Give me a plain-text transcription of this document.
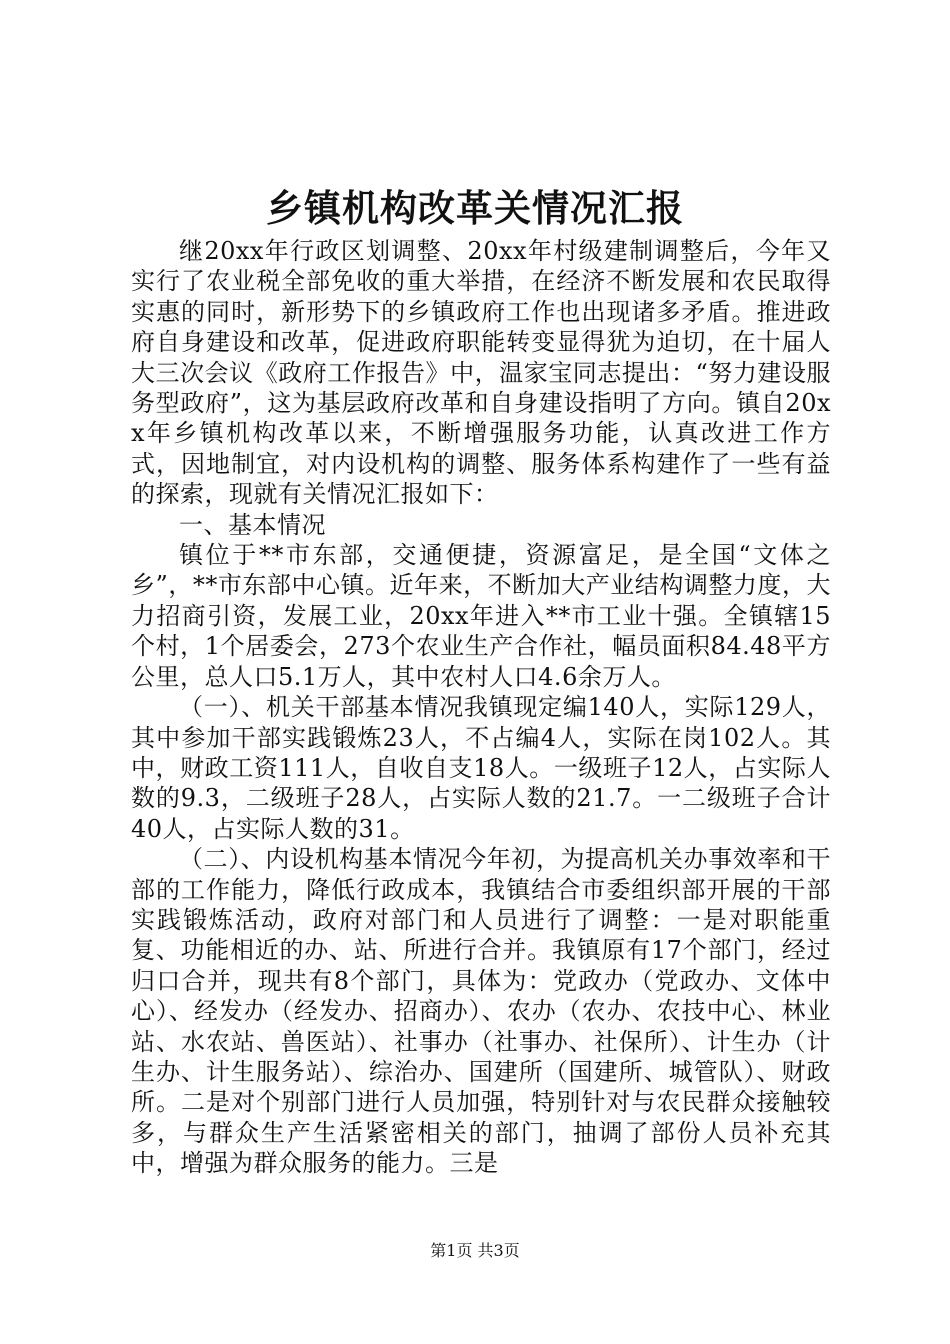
乡镇机构改革关情况汇报

继20xx年行政区划调整、20xx年村级建制调整后，今年又实行了农业税全部免收的重大举措，在经济不断发展和农民取得实惠的同时，新形势下的乡镇政府工作也出现诸多矛盾。推进政府自身建设和改革，促进政府职能转变显得犹为迫切，在十届人大三次会议《政府工作报告》中，温家宝同志提出：“努力建设服务型政府”，这为基层政府改革和自身建设指明了方向。镇自20xx年乡镇机构改革以来，不断增强服务功能，认真改进工作方式，因地制宜，对内设机构的调整、服务体系构建作了一些有益的探索，现就有关情况汇报如下：

一、基本情况

镇位于**市东部，交通便捷，资源富足，是全国“文体之乡”，**市东部中心镇。近年来，不断加大产业结构调整力度，大力招商引资，发展工业，20xx年进入**市工业十强。全镇辖15个村，1个居委会，273个农业生产合作社，幅员面积84.48平方公里，总人口5.1万人，其中农村人口4.6余万人。

（一）、机关干部基本情况我镇现定编140人，实际129人，其中参加干部实践锻炼23人，不占编4人，实际在岗102人。其中，财政工资111人，自收自支18人。一级班子12人，占实际人数的9.3，二级班子28人，占实际人数的21.7。一二级班子合计40人，占实际人数的31。

（二）、内设机构基本情况今年初，为提高机关办事效率和干部的工作能力，降低行政成本，我镇结合市委组织部开展的干部实践锻炼活动，政府对部门和人员进行了调整：一是对职能重复、功能相近的办、站、所进行合并。我镇原有17个部门，经过归口合并，现共有8个部门，具体为：党政办（党政办、文体中心）、经发办（经发办、招商办）、农办（农办、农技中心、林业站、水农站、兽医站）、社事办（社事办、社保所）、计生办（计生办、计生服务站）、综治办、国建所（国建所、城管队）、财政所。二是对个别部门进行人员加强，特别针对与农民群众接触较多，与群众生产生活紧密相关的部门，抽调了部份人员补充其中，增强为群众服务的能力。三是

第1页 共3页
